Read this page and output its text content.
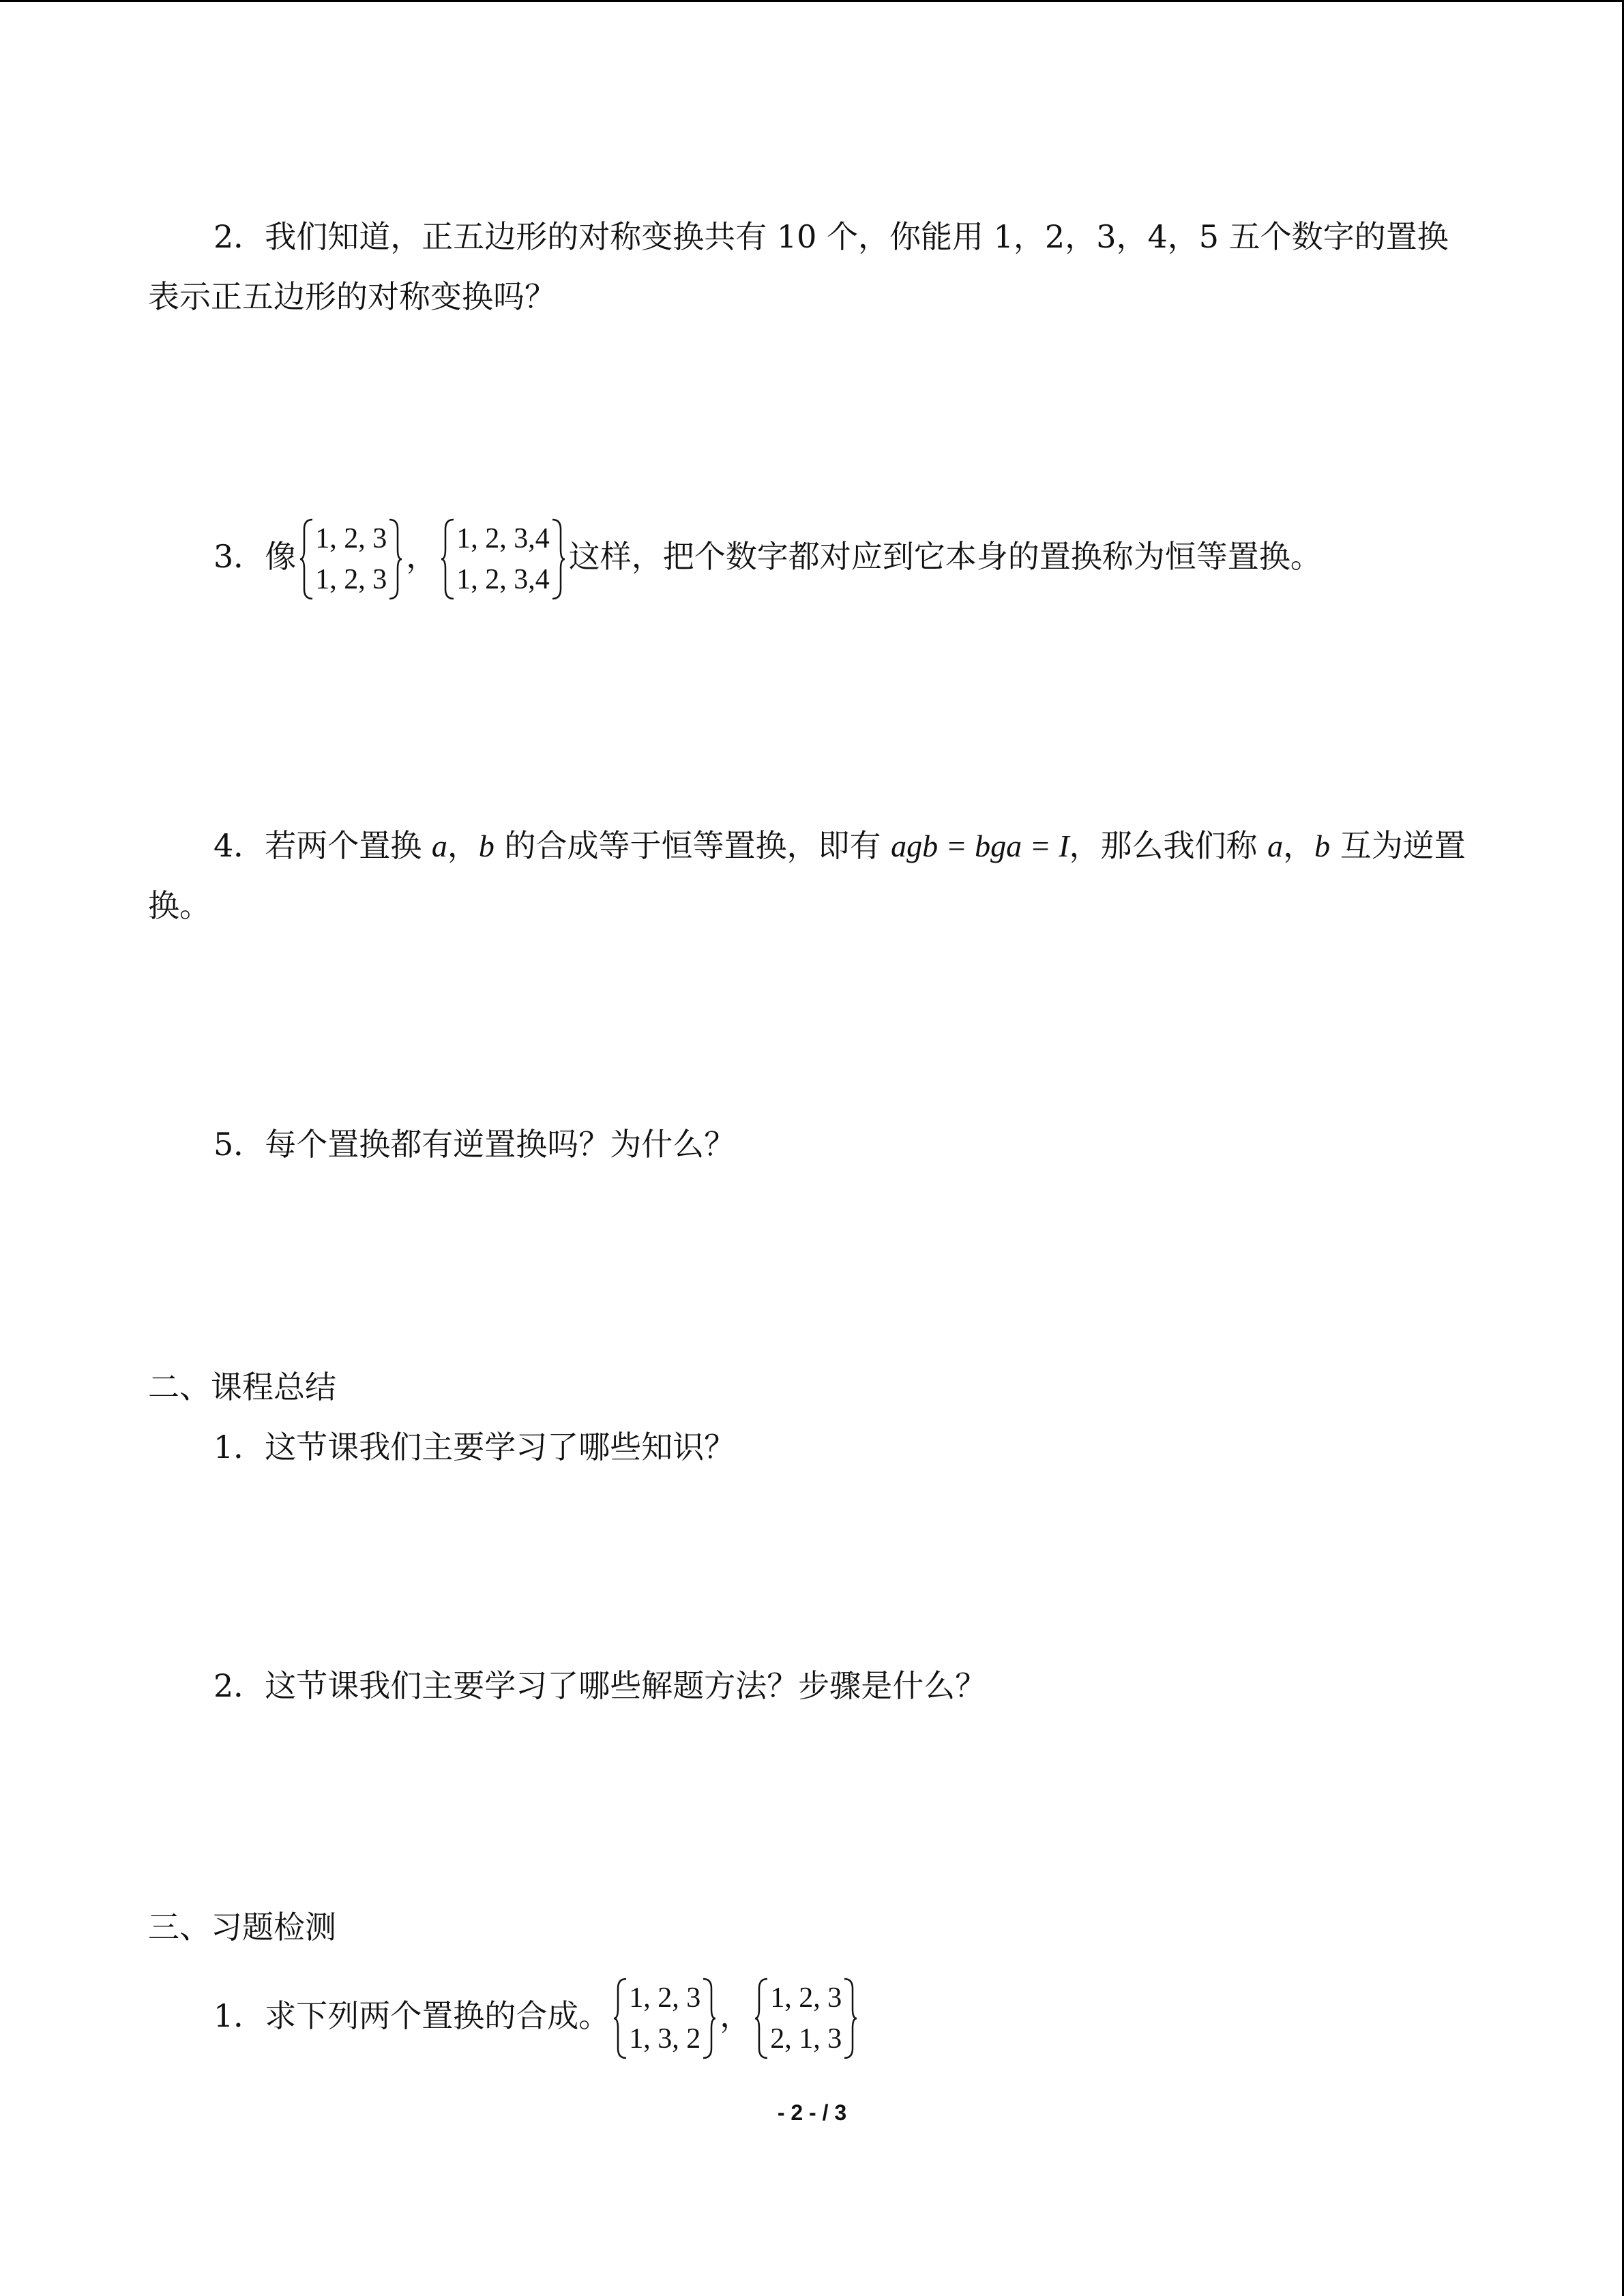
2．我们知道，正五边形的对称变换共有 10 个，你能用 1，2，3，4，5 五个数字的置换
表示正五边形的对称变换吗？
3．像 1, 2, 3
1, 2, 3
， 1, 2, 3,4
1, 2, 3,4
这样，把个数字都对应到它本身的置换称为恒等置换。
4．若两个置换 a，b 的合成等于恒等置换，即有 agb = bga = I，那么我们称 a，b 互为逆置
换。
5．每个置换都有逆置换吗？为什么？
二、课程总结
1．这节课我们主要学习了哪些知识？
2．这节课我们主要学习了哪些解题方法？步骤是什么？
三、习题检测
1．求下列两个置换的合成。 1, 2, 3
1, 3, 2
， 1, 2, 3
2, 1, 3
- 2 - / 3
